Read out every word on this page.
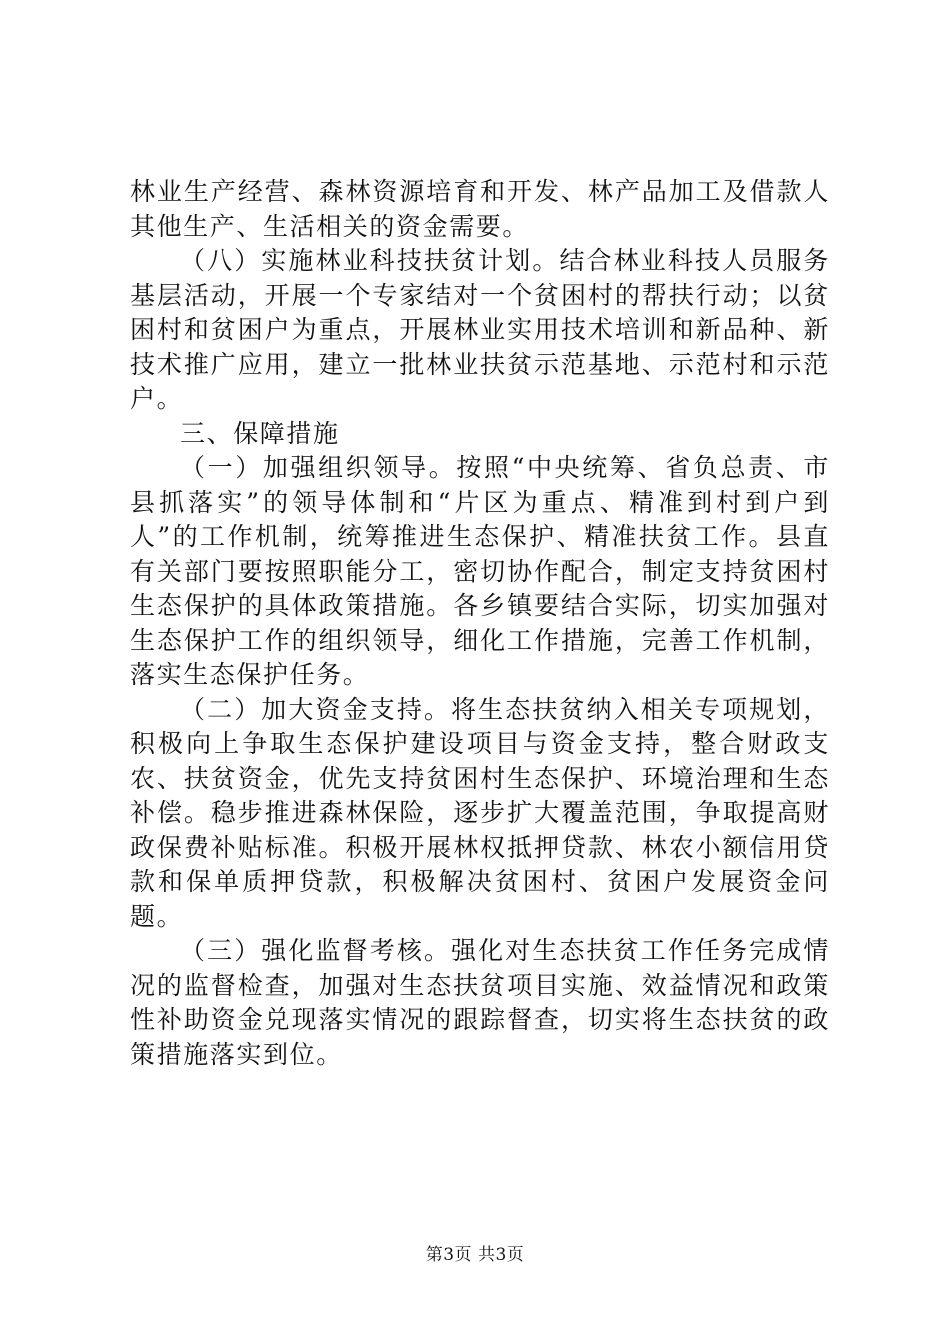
林业生产经营、森林资源培育和开发、林产品加工及借款人其他生产、生活相关的资金需要。

（八）实施林业科技扶贫计划。结合林业科技人员服务基层活动，开展一个专家结对一个贫困村的帮扶行动；以贫困村和贫困户为重点，开展林业实用技术培训和新品种、新技术推广应用，建立一批林业扶贫示范基地、示范村和示范户。

三、保障措施

（一）加强组织领导。按照“中央统筹、省负总责、市县抓落实”的领导体制和“片区为重点、精准到村到户到人”的工作机制，统筹推进生态保护、精准扶贫工作。县直有关部门要按照职能分工，密切协作配合，制定支持贫困村生态保护的具体政策措施。各乡镇要结合实际，切实加强对生态保护工作的组织领导，细化工作措施，完善工作机制，落实生态保护任务。

（二）加大资金支持。将生态扶贫纳入相关专项规划，积极向上争取生态保护建设项目与资金支持，整合财政支农、扶贫资金，优先支持贫困村生态保护、环境治理和生态补偿。稳步推进森林保险，逐步扩大覆盖范围，争取提高财政保费补贴标准。积极开展林权抵押贷款、林农小额信用贷款和保单质押贷款，积极解决贫困村、贫困户发展资金问题。

（三）强化监督考核。强化对生态扶贫工作任务完成情况的监督检查，加强对生态扶贫项目实施、效益情况和政策性补助资金兑现落实情况的跟踪督查，切实将生态扶贫的政策措施落实到位。

第3页 共3页
